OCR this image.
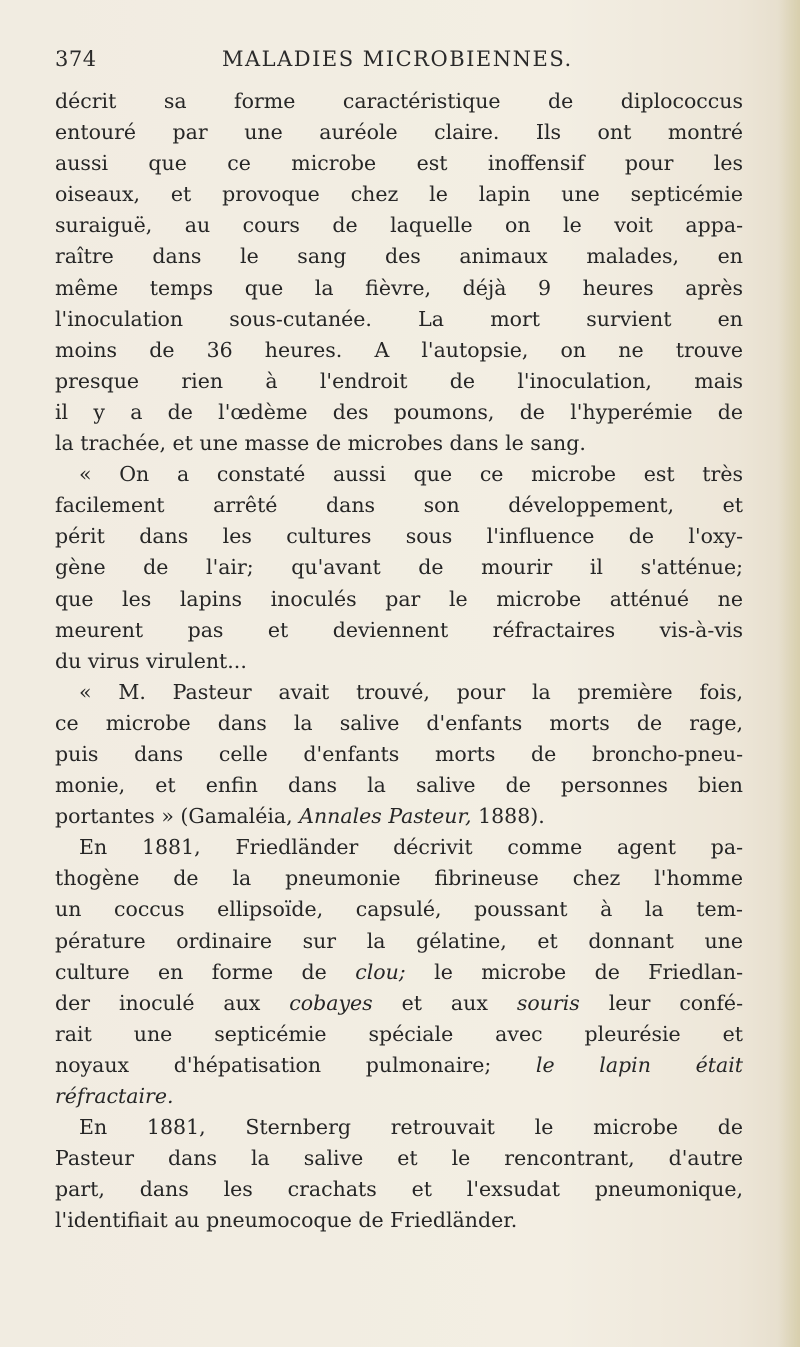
374	MALADIES MICROBIENNES.
décrit sa forme caractéristique de diplococcus
entouré par une auréole claire. Ils ont montré
aussi que ce microbe est inoffensif pour les
oiseaux, et provoque chez le lapin une septicémie
suraiguë, au cours de laquelle on le voit appa-
raître dans le sang des animaux malades, en
même temps que la fièvre, déjà 9 heures après
l'inoculation sous-cutanée. La mort survient en
moins de 36 heures. A l'autopsie, on ne trouve
presque rien à l'endroit de l'inoculation, mais
il y a de l'œdème des poumons, de l'hyperémie de
la trachée, et une masse de microbes dans le sang.
« On a constaté aussi que ce microbe est très
facilement arrêté dans son développement, et
périt dans les cultures sous l'influence de l'oxy-
gène de l'air; qu'avant de mourir il s'atténue;
que les lapins inoculés par le microbe atténué ne
meurent pas et deviennent réfractaires vis-à-vis
du virus virulent...
« M. Pasteur avait trouvé, pour la première fois,
ce microbe dans la salive d'enfants morts de rage,
puis dans celle d'enfants morts de broncho-pneu-
monie, et enfin dans la salive de personnes bien
portantes » (Gamaléia, Annales Pasteur, 1888).
En 1881, Friedländer décrivit comme agent pa-
thogène de la pneumonie fibrineuse chez l'homme
un coccus ellipsoïde, capsulé, poussant à la tem-
pérature ordinaire sur la gélatine, et donnant une
culture en forme de clou; le microbe de Friedlan-
der inoculé aux cobayes et aux souris leur confé-
rait une septicémie spéciale avec pleurésie et
noyaux d'hépatisation pulmonaire; le lapin était
réfractaire.
En 1881, Sternberg retrouvait le microbe de
Pasteur dans la salive et le rencontrant, d'autre
part, dans les crachats et l'exsudat pneumonique,
l'identifiait au pneumocoque de Friedländer.
